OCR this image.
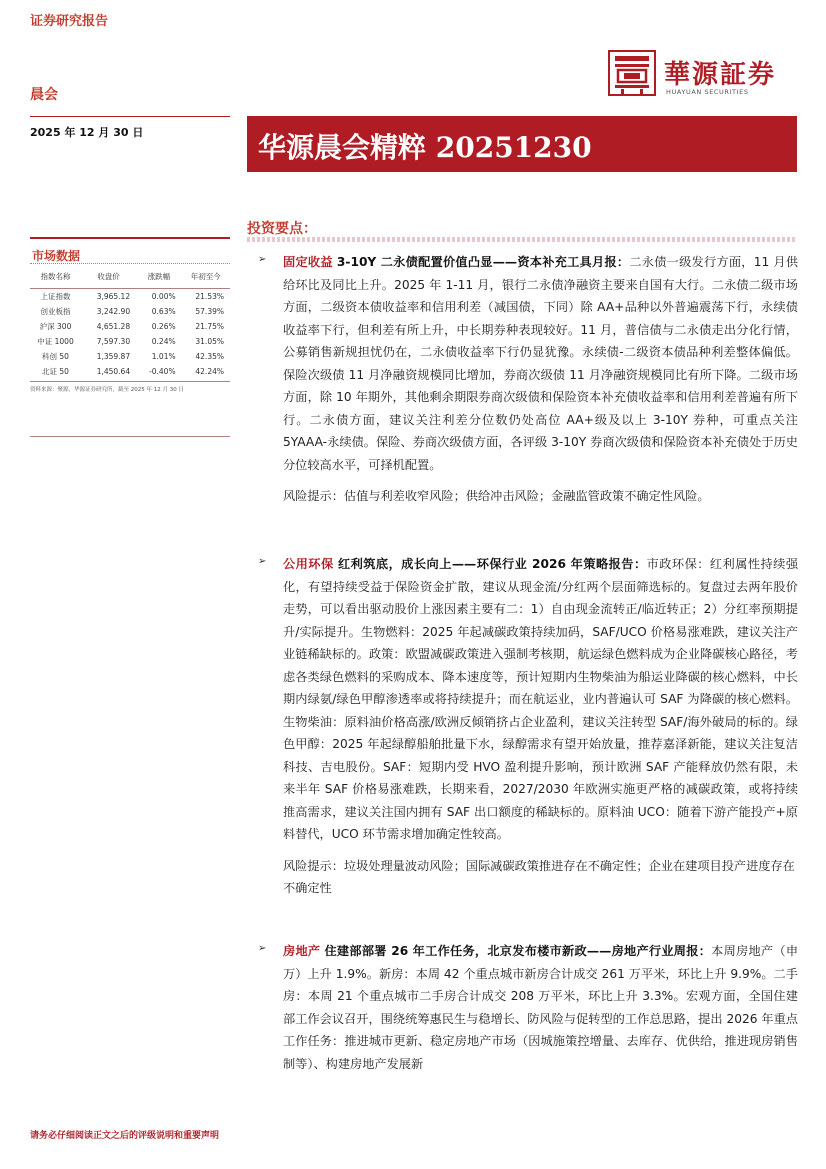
证券研究报告
晨会
2025 年 12 月 30 日
華源証券
HUAYUAN SECURITIES
华源晨会精粹 20251230
投资要点：
市场数据
指数名称	收盘价	涨跌幅	年初至今
上证指数	3,965.12	0.00%	21.53%
创业板指	3,242.90	0.63%	57.39%
沪深 300	4,651.28	0.26%	21.75%
中证 1000	7,597.30	0.24%	31.05%
科创 50	1,359.87	1.01%	42.35%
北证 50	1,450.64	-0.40%	42.24%
资料来源：聚源，华源证券研究所，截至 2025 年 12 月 30 日
➢ 固定收益 3-10Y 二永债配置价值凸显——资本补充工具月报：二永债一级发行方面，11 月供给环比及同比上升。2025 年 1-11 月，银行二永债净融资主要来自国有大行。二永债二级市场方面，二级资本债收益率和信用利差（减国债，下同）除 AA+品种以外普遍震荡下行，永续债收益率下行，但利差有所上升，中长期券种表现较好。11 月，普信债与二永债走出分化行情，公募销售新规担忧仍在，二永债收益率下行仍显犹豫。永续债-二级资本债品种利差整体偏低。保险次级债 11 月净融资规模同比增加，券商次级债 11 月净融资规模同比有所下降。二级市场方面，除 10 年期外，其他剩余期限券商次级债和保险资本补充债收益率和信用利差普遍有所下行。二永债方面，建议关注利差分位数仍处高位 AA+级及以上 3-10Y 券种，可重点关注 5YAAA-永续债。保险、券商次级债方面，各评级 3-10Y 券商次级债和保险资本补充债处于历史分位较高水平，可择机配置。

风险提示：估值与利差收窄风险；供给冲击风险；金融监管政策不确定性风险。

➢ 公用环保 红利筑底，成长向上——环保行业 2026 年策略报告：市政环保：红利属性持续强化，有望持续受益于保险资金扩散，建议从现金流/分红两个层面筛选标的。复盘过去两年股价走势，可以看出驱动股价上涨因素主要有二：1）自由现金流转正/临近转正；2）分红率预期提升/实际提升。生物燃料：2025 年起减碳政策持续加码，SAF/UCO 价格易涨难跌，建议关注产业链稀缺标的。政策：欧盟减碳政策进入强制考核期，航运绿色燃料成为企业降碳核心路径，考虑各类绿色燃料的采购成本、降本速度等，预计短期内生物柴油为船运业降碳的核心燃料，中长期内绿氨/绿色甲醇渗透率或将持续提升；而在航运业，业内普遍认可 SAF 为降碳的核心燃料。生物柴油：原料油价格高涨/欧洲反倾销挤占企业盈利，建议关注转型 SAF/海外破局的标的。绿色甲醇：2025 年起绿醇船舶批量下水，绿醇需求有望开始放量，推荐嘉泽新能，建议关注复洁科技、吉电股份。SAF：短期内受 HVO 盈利提升影响，预计欧洲 SAF 产能释放仍然有限，未来半年 SAF 价格易涨难跌，长期来看，2027/2030 年欧洲实施更严格的减碳政策，或将持续推高需求，建议关注国内拥有 SAF 出口额度的稀缺标的。原料油 UCO：随着下游产能投产+原料替代，UCO 环节需求增加确定性较高。

风险提示：垃圾处理量波动风险；国际减碳政策推进存在不确定性；企业在建项目投产进度存在不确定性

➢ 房地产 住建部部署 26 年工作任务，北京发布楼市新政——房地产行业周报：本周房地产（申万）上升 1.9%。新房：本周 42 个重点城市新房合计成交 261 万平米，环比上升 9.9%。二手房：本周 21 个重点城市二手房合计成交 208 万平米，环比上升 3.3%。宏观方面，全国住建部工作会议召开，围绕统筹惠民生与稳增长、防风险与促转型的工作总思路，提出 2026 年重点工作任务：推进城市更新、稳定房地产市场（因城施策控增量、去库存、优供给，推进现房销售制等）、构建房地产发展新

请务必仔细阅读正文之后的评级说明和重要声明
